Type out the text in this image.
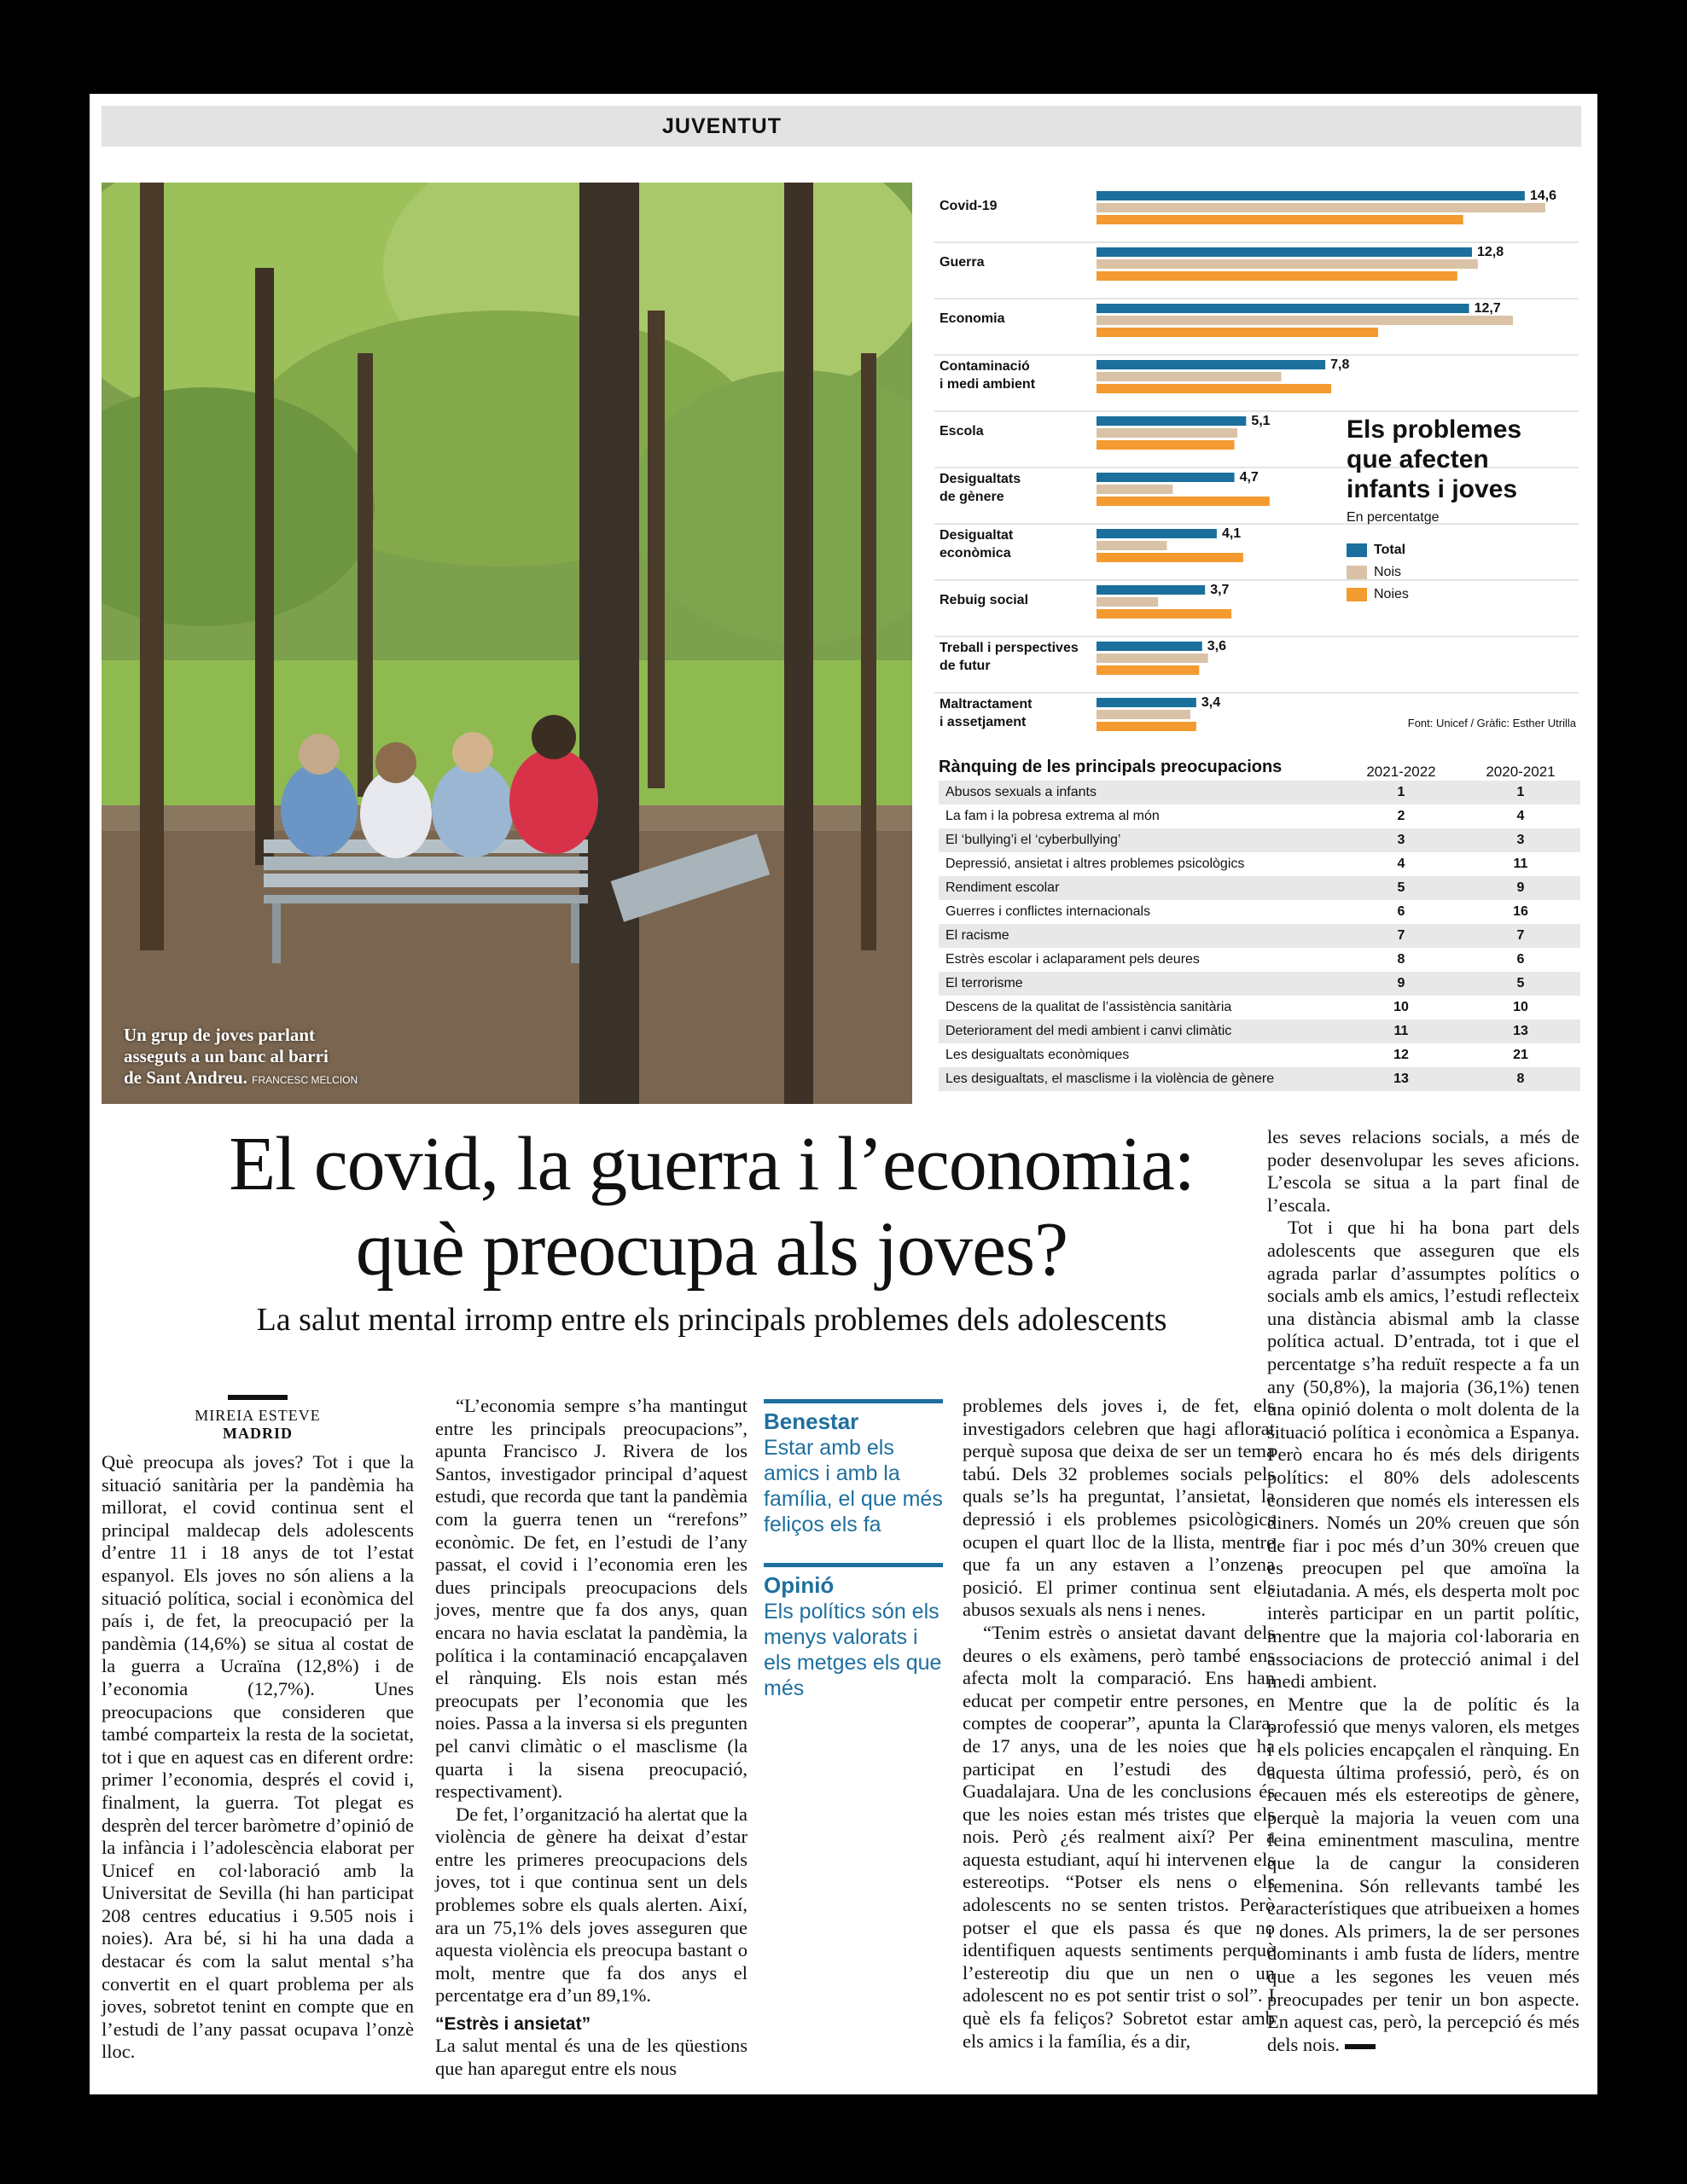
JUVENTUT
Un grup de joves parlant
asseguts a un banc al barri
de Sant Andreu. FRANCESC MELCION
Covid-19
14,6
Guerra
12,8
Economia
12,7
Contaminació
i medi ambient
7,8
Escola
5,1
Desigualtats
de gènere
4,7
Desigualtat
econòmica
4,1
Rebuig social
3,7
Treball i perspectives
de futur
3,6
Maltractament
i assetjament
3,4
Els problemes
que afecten
infants i joves
En percentatge
Total
Nois
Noies
Font: Unicef / Gràfic: Esther Utrilla
Rànquing de les principals preocupacions	2021-2022	2020-2021
Abusos sexuals a infants	1	1
La fam i la pobresa extrema al món	2	4
El ‘bullying’i el ‘cyberbullying’	3	3
Depressió, ansietat i altres problemes psicològics	4	11
Rendiment escolar	5	9
Guerres i conflictes internacionals	6	16
El racisme	7	7
Estrès escolar i aclaparament pels deures	8	6
El terrorisme	9	5
Descens de la qualitat de l’assistència sanitària	10	10
Deteriorament del medi ambient i canvi climàtic	11	13
Les desigualtats econòmiques	12	21
Les desigualtats, el masclisme i la violència de gènere	13	8
El covid, la guerra i l’economia:
què preocupa als joves?
La salut mental irromp entre els principals problemes dels adolescents
MIREIA ESTEVE
MADRID

Què preocupa als joves? Tot i que la situació sanitària per la pandèmia ha millorat, el covid continua sent el principal maldecap dels adolescents d’entre 11 i 18 anys de tot l’estat espanyol. Els joves no són aliens a la situació política, social i econòmica del país i, de fet, la preocupació per la pandèmia (14,6%) se situa al costat de la guerra a Ucraïna (12,8%) i de l’economia (12,7%). Unes preocupacions que consideren que també comparteix la resta de la societat, tot i que en aquest cas en diferent ordre: primer l’economia, després el covid i, finalment, la guerra. Tot plegat es desprèn del tercer baròmetre d’opinió de la infància i l’adolescència elaborat per Unicef en col·laboració amb la Universitat de Sevilla (hi han participat 208 centres educatius i 9.505 nois i noies). Ara bé, si hi ha una dada a destacar és com la salut mental s’ha convertit en el quart problema per als joves, sobretot tenint en compte que en l’estudi de l’any passat ocupava l’onzè lloc.

“L’economia sempre s’ha mantingut entre les principals preocupacions”, apunta Francisco J. Rivera de los Santos, investigador principal d’aquest estudi, que recorda que tant la pandèmia com la guerra tenen un “rerefons” econòmic. De fet, en l’estudi de l’any passat, el covid i l’economia eren les dues principals preocupacions dels joves, mentre que fa dos anys, quan encara no havia esclatat la pandèmia, la política i la contaminació encapçalaven el rànquing. Els nois estan més preocupats per l’economia que les noies. Passa a la inversa si els pregunten pel canvi climàtic o el masclisme (la quarta i la sisena preocupació, respectivament).

De fet, l’organització ha alertat que la violència de gènere ha deixat d’estar entre les primeres preocupacions dels joves, tot i que continua sent un dels problemes sobre els quals alerten. Així, ara un 75,1% dels joves asseguren que aquesta violència els preocupa bastant o molt, mentre que fa dos anys el percentatge era d’un 89,1%.

“Estrès i ansietat”

La salut mental és una de les qüestions que han aparegut entre els nous

Benestar
Estar amb els amics i amb la família, el que més feliços els fa
Opinió
Els polítics són els menys valorats i els metges els que més

problemes dels joves i, de fet, els investigadors celebren que hagi aflorat perquè suposa que deixa de ser un tema tabú. Dels 32 problemes socials pels quals se’ls ha preguntat, l’ansietat, la depressió i els problemes psicològics ocupen el quart lloc de la llista, mentre que fa un any estaven a l’onzena posició. El primer continua sent els abusos sexuals als nens i nenes.

“Tenim estrès o ansietat davant dels deures o els exàmens, però també ens afecta molt la comparació. Ens han educat per competir entre persones, en comptes de cooperar”, apunta la Clara, de 17 anys, una de les noies que ha participat en l’estudi des de Guadalajara. Una de les conclusions és que les noies estan més tristes que els nois. Però ¿és realment així? Per a aquesta estudiant, aquí hi intervenen els estereotips. “Potser els nens o els adolescents no se senten tristos. Però potser el que els passa és que no identifiquen aquests sentiments perquè l’estereotip diu que un nen o un adolescent no es pot sentir trist o sol”. I què els fa feliços? Sobretot estar amb els amics i la família, és a dir,

les seves relacions socials, a més de poder desenvolupar les seves aficions. L’escola se situa a la part final de l’escala.

Tot i que hi ha bona part dels adolescents que asseguren que els agrada parlar d’assumptes polítics o socials amb els amics, l’estudi reflecteix una distància abismal amb la classe política actual. D’entrada, tot i que el percentatge s’ha reduït respecte a fa un any (50,8%), la majoria (36,1%) tenen una opinió dolenta o molt dolenta de la situació política i econòmica a Espanya. Però encara ho és més dels dirigents polítics: el 80% dels adolescents consideren que només els interessen els diners. Només un 20% creuen que són de fiar i poc més d’un 30% creuen que es preocupen pel que amoïna la ciutadania. A més, els desperta molt poc interès participar en un partit polític, mentre que la majoria col·laboraria en associacions de protecció animal i del medi ambient.

Mentre que la de polític és la professió que menys valoren, els metges i els policies encapçalen el rànquing. En aquesta última professió, però, és on recauen més els estereotips de gènere, perquè la majoria la veuen com una feina eminentment masculina, mentre que la de cangur la consideren femenina. Són rellevants també les característiques que atribueixen a homes i dones. Als primers, la de ser persones dominants i amb fusta de líders, mentre que a les segones les veuen més preocupades per tenir un bon aspecte. En aquest cas, però, la percepció és més dels nois.
